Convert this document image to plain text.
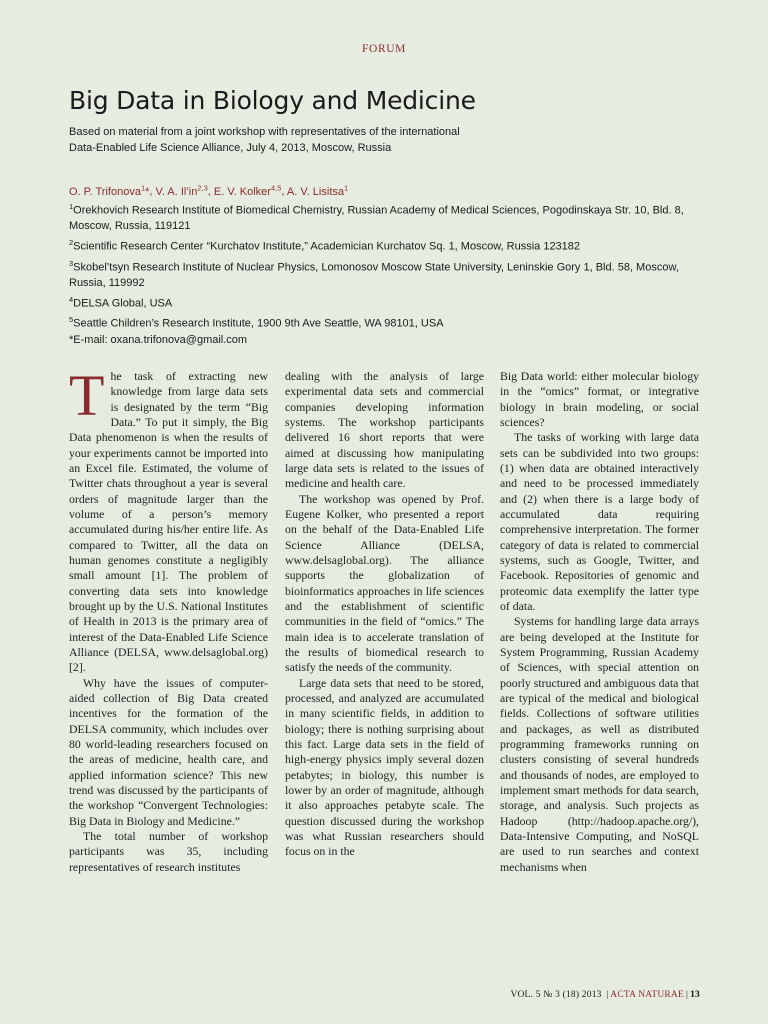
FORUM
Big Data in Biology and Medicine
Based on material from a joint workshop with representatives of the international
Data-Enabled Life Science Alliance, July 4, 2013, Moscow, Russia
O. P. Trifonova$^1$*, V. A. Il’in$^{2,3}$, E. V. Kolker$^{4,5}$, A. V. Lisitsa$^1$
$^1$Orekhovich Research Institute of Biomedical Chemistry, Russian Academy of Medical Sciences, Pogodinskaya Str. 10, Bld. 8, Moscow, Russia, 119121
$^2$Scientific Research Center “Kurchatov Institute,” Academician Kurchatov Sq. 1, Moscow, Russia 123182
$^3$Skobel’tsyn Research Institute of Nuclear Physics, Lomonosov Moscow State University, Leninskie Gory 1, Bld. 58, Moscow, Russia, 119992
$^4$DELSA Global, USA
$^5$Seattle Children’s Research Institute, 1900 9th Ave Seattle, WA 98101, USA
*E-mail: oxana.trifonova@gmail.com

The task of extracting new knowledge from large data sets is designated by the term “Big Data.” To put it simply, the Big Data phenomenon is when the results of your experiments cannot be imported into an Excel file. Estimated, the volume of Twitter chats throughout a year is several orders of magnitude larger than the volume of a person’s memory accumulated during his/her entire life. As compared to Twitter, all the data on human genomes constitute a negligibly small amount [1]. The problem of converting data sets into knowledge brought up by the U.S. National Institutes of Health in 2013 is the primary area of interest of the Data-Enabled Life Science Alliance (DELSA, www.delsaglobal.org) [2].

Why have the issues of computer-aided collection of Big Data created incentives for the formation of the DELSA community, which includes over 80 world-leading researchers focused on the areas of medicine, health care, and applied information science? This new trend was discussed by the participants of the workshop “Convergent Technologies: Big Data in Biology and Medicine.”

The total number of workshop participants was 35, including representatives of research institutes

dealing with the analysis of large experimental data sets and commercial companies developing information systems. The workshop participants delivered 16 short reports that were aimed at discussing how manipulating large data sets is related to the issues of medicine and health care.

The workshop was opened by Prof. Eugene Kolker, who presented a report on the behalf of the Data-Enabled Life Science Alliance (DELSA, www.delsaglobal.org). The alliance supports the globalization of bioinformatics approaches in life sciences and the establishment of scientific communities in the field of “omics.” The main idea is to accelerate translation of the results of biomedical research to satisfy the needs of the community.

Large data sets that need to be stored, processed, and analyzed are accumulated in many scientific fields, in addition to biology; there is nothing surprising about this fact. Large data sets in the field of high-energy physics imply several dozen petabytes; in biology, this number is lower by an order of magnitude, although it also approaches petabyte scale. The question discussed during the workshop was what Russian researchers should focus on in the

Big Data world: either molecular biology in the “omics” format, or integrative biology in brain modeling, or social sciences?

The tasks of working with large data sets can be subdivided into two groups: (1) when data are obtained interactively and need to be processed immediately and (2) when there is a large body of accumulated data requiring comprehensive interpretation. The former category of data is related to commercial systems, such as Google, Twitter, and Facebook. Repositories of genomic and proteomic data exemplify the latter type of data.

Systems for handling large data arrays are being developed at the Institute for System Programming, Russian Academy of Sciences, with special attention on poorly structured and ambiguous data that are typical of the medical and biological fields. Collections of software utilities and packages, as well as distributed programming frameworks running on clusters consisting of several hundreds and thousands of nodes, are employed to implement smart methods for data search, storage, and analysis. Such projects as Hadoop (http://hadoop.apache.org/), Data-Intensive Computing, and NoSQL are used to run searches and context mechanisms when

VOL. 5 № 3 (18) 2013 | ACTA NATURAE | 13
